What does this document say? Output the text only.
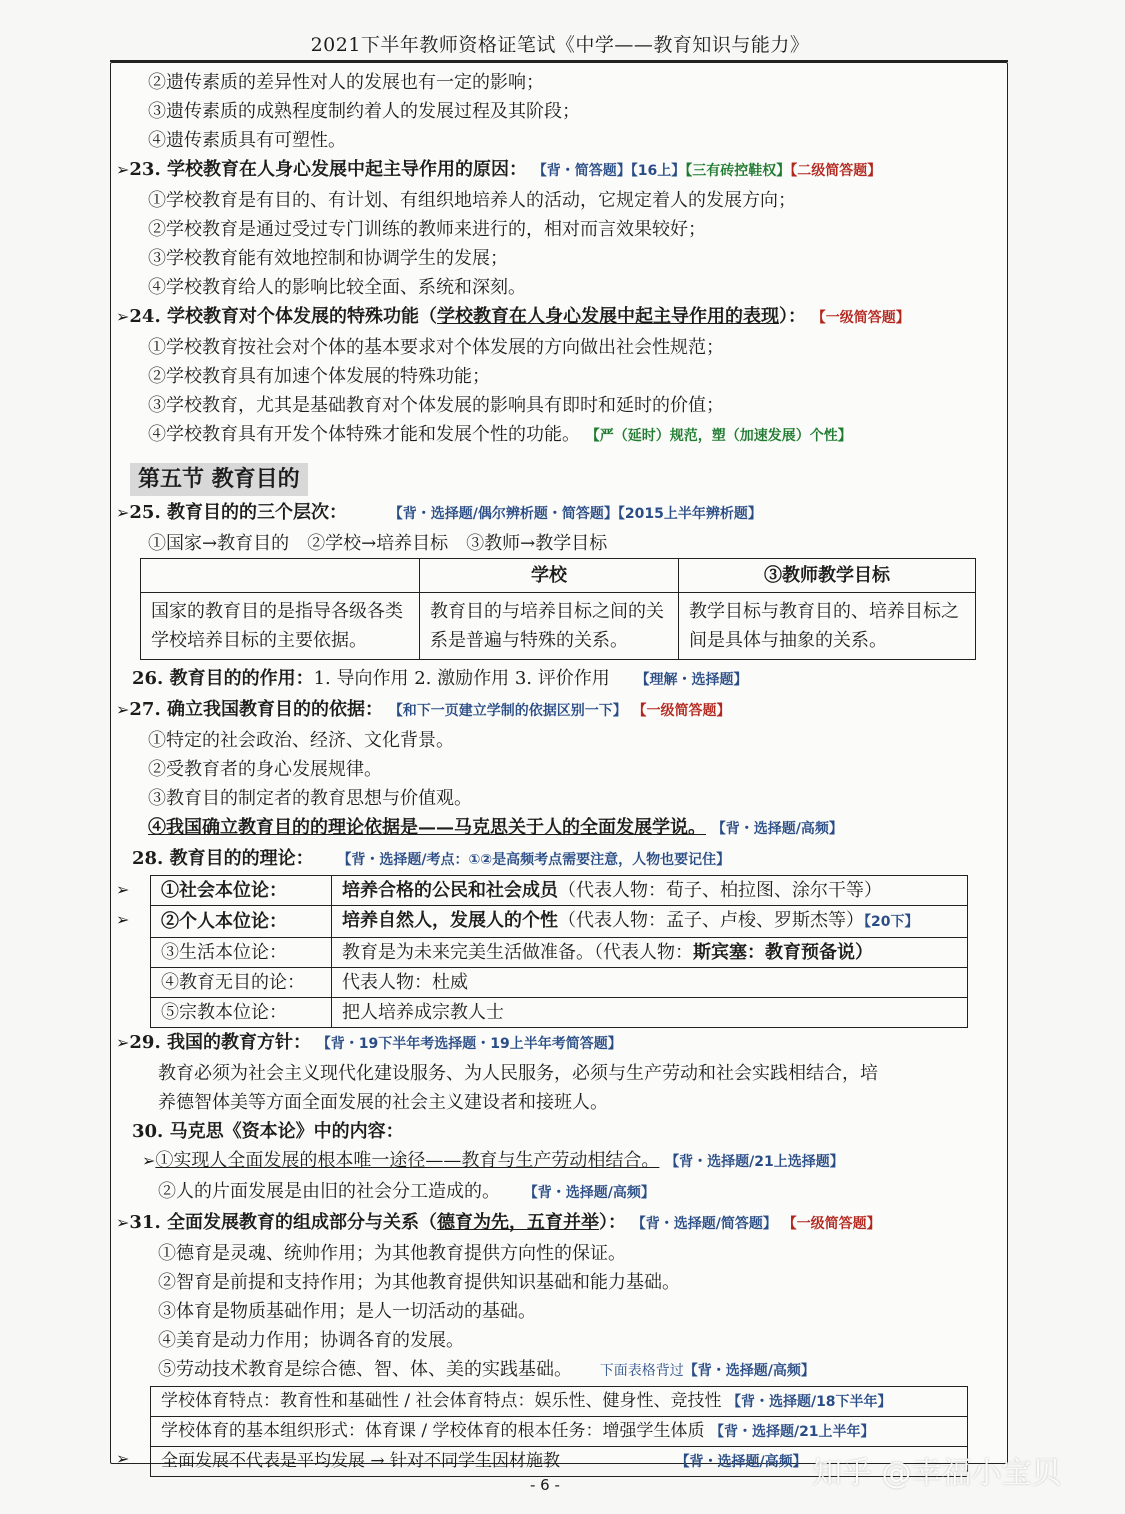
2021下半年教师资格证笔试《中学——教育知识与能力》
②遗传素质的差异性对人的发展也有一定的影响；
③遗传素质的成熟程度制约着人的发展过程及其阶段；
④遗传素质具有可塑性。
➢23. 学校教育在人身心发展中起主导作用的原因： 【背・简答题】【16上】【三有砖控鞋权】【二级简答题】
①学校教育是有目的、有计划、有组织地培养人的活动，它规定着人的发展方向；
②学校教育是通过受过专门训练的教师来进行的，相对而言效果较好；
③学校教育能有效地控制和协调学生的发展；
④学校教育给人的影响比较全面、系统和深刻。
➢24. 学校教育对个体发展的特殊功能（学校教育在人身心发展中起主导作用的表现）： 【一级简答题】
①学校教育按社会对个体的基本要求对个体发展的方向做出社会性规范；
②学校教育具有加速个体发展的特殊功能；
③学校教育，尤其是基础教育对个体发展的影响具有即时和延时的价值；
④学校教育具有开发个体特殊才能和发展个性的功能。 【严（延时）规范，塑（加速发展）个性】
第五节 教育目的
➢25. 教育目的的三个层次：	【背・选择题/偶尔辨析题・简答题】【2015上半年辨析题】
①国家→教育目的　②学校→培养目标　③教师→教学目标
	学校	③教师教学目标
国家的教育目的是指导各级各类学校培养目标的主要依据。	教育目的与培养目标之间的关系是普遍与特殊的关系。	教学目标与教育目的、培养目标之间是具体与抽象的关系。
26. 教育目的的作用：1. 导向作用 2. 激励作用 3. 评价作用 【理解・选择题】
➢27. 确立我国教育目的的依据： 【和下一页建立学制的依据区别一下】 【一级简答题】
①特定的社会政治、经济、文化背景。
②受教育者的身心发展规律。
③教育目的制定者的教育思想与价值观。
④我国确立教育目的的理论依据是——马克思关于人的全面发展学说。 【背・选择题/高频】
28. 教育目的的理论： 【背・选择题/考点：①②是高频考点需要注意，人物也要记住】
➢
➢
①社会本位论：	培养合格的公民和社会成员（代表人物：荀子、柏拉图、涂尔干等）
②个人本位论：	培养自然人，发展人的个性（代表人物：孟子、卢梭、罗斯杰等）【20下】
③生活本位论：	教育是为未来完美生活做准备。（代表人物：斯宾塞：教育预备说）
④教育无目的论：	代表人物：杜威
⑤宗教本位论：	把人培养成宗教人士
➢29. 我国的教育方针： 【背・19下半年考选择题・19上半年考简答题】
教育必须为社会主义现代化建设服务、为人民服务，必须与生产劳动和社会实践相结合，培
养德智体美等方面全面发展的社会主义建设者和接班人。
30. 马克思《资本论》中的内容：
➢①实现人全面发展的根本唯一途径——教育与生产劳动相结合。 【背・选择题/21上选择题】
②人的片面发展是由旧的社会分工造成的。 【背・选择题/高频】
➢31. 全面发展教育的组成部分与关系（德育为先，五育并举）： 【背・选择题/简答题】 【一级简答题】
①德育是灵魂、统帅作用；为其他教育提供方向性的保证。
②智育是前提和支持作用；为其他教育提供知识基础和能力基础。
③体育是物质基础作用；是人一切活动的基础。
④美育是动力作用；协调各育的发展。
⑤劳动技术教育是综合德、智、体、美的实践基础。 下面表格背过【背・选择题/高频】
➢
学校体育特点：教育性和基础性 / 社会体育特点：娱乐性、健身性、竞技性 【背・选择题/18下半年】
学校体育的基本组织形式：体育课 / 学校体育的根本任务：增强学生体质 【背・选择题/21上半年】
全面发展不代表是平均发展 → 针对不同学生因材施教	【背・选择题/高频】
- 6 -	知乎 @幸福小宝贝
